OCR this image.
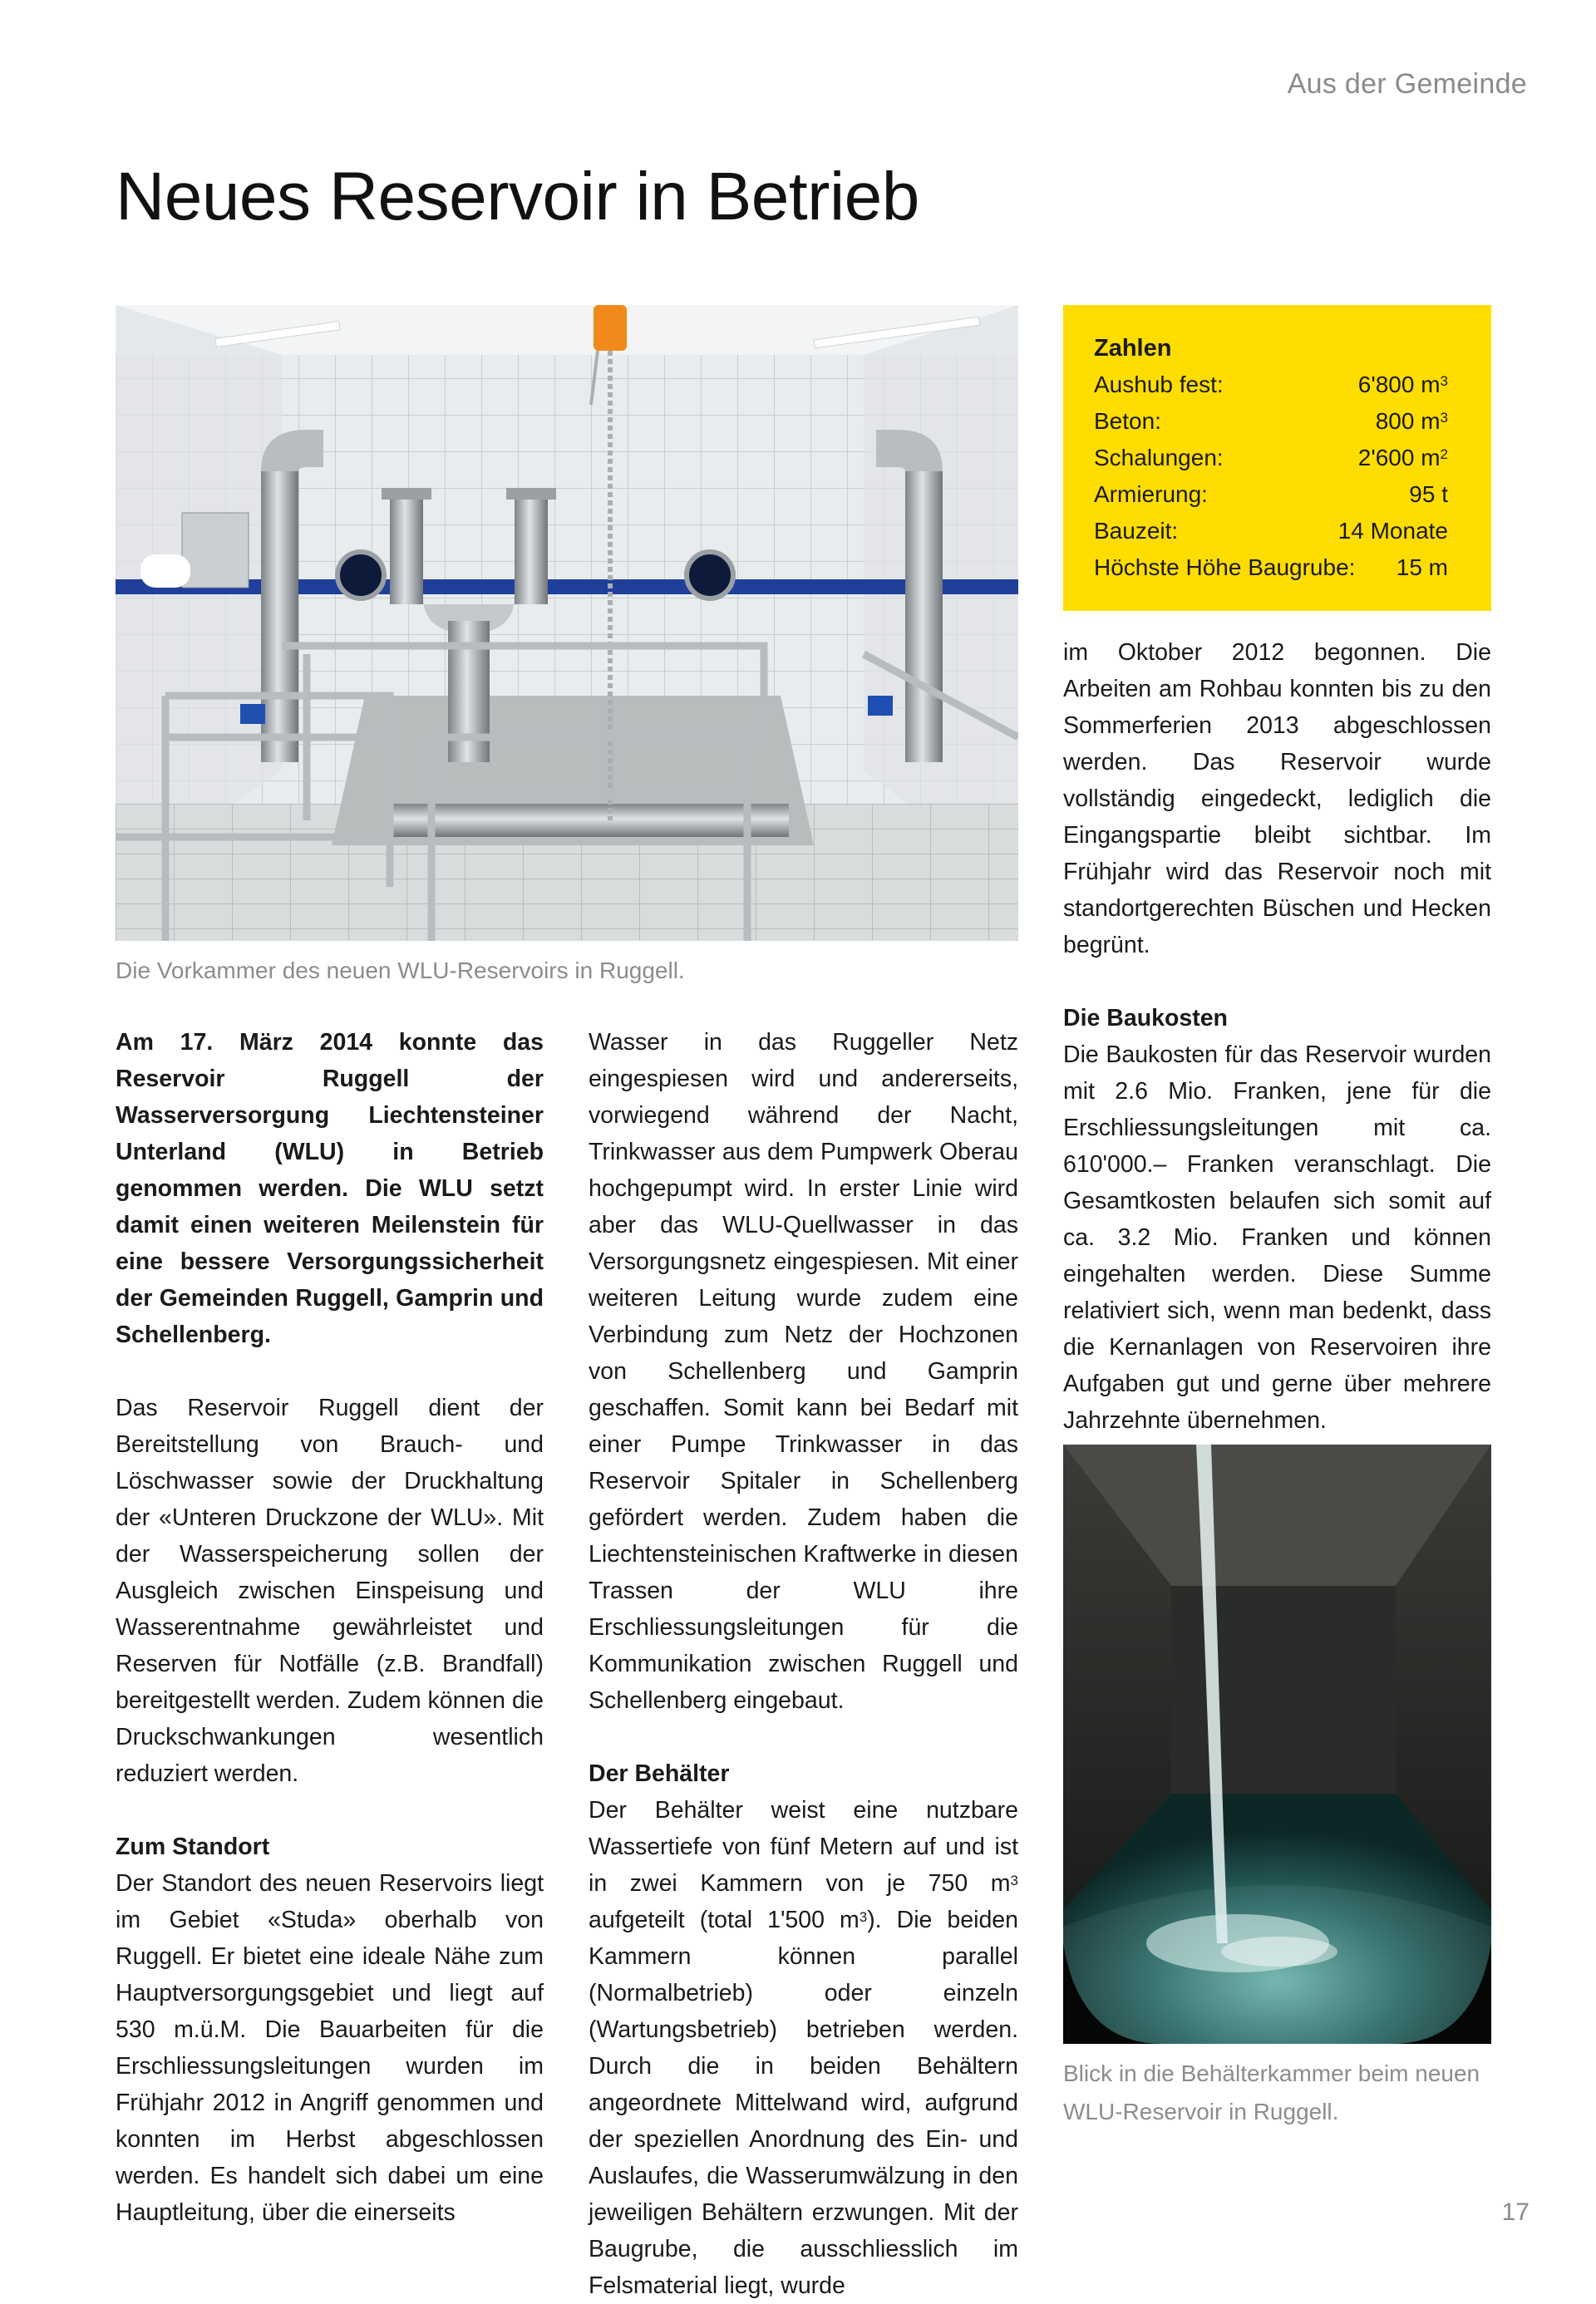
Aus der Gemeinde
Neues Reservoir in Betrieb
Die Vorkammer des neuen WLU-Reservoirs in Ruggell.
Zahlen
Aushub fest:	6'800 $m^3$
Beton:	800 $m^3$
Schalungen:	2'600 $m^2$
Armierung:	95 t
Bauzeit:	14 Monate
Höchste Höhe Baugrube: 15 m

Am 17. März 2014 konnte das Reservoir Ruggell der Wasserversorgung Liechtensteiner Unterland (WLU) in Betrieb genommen werden. Die WLU setzt damit einen weiteren Meilenstein für eine bessere Versorgungssicherheit der Gemeinden Ruggell, Gamprin und Schellenberg.

Das Reservoir Ruggell dient der Bereitstellung von Brauch- und Löschwasser sowie der Druckhaltung der «Unteren Druckzone der WLU». Mit der Wasserspeicherung sollen der Ausgleich zwischen Einspeisung und Wasserentnahme gewährleistet und Reserven für Notfälle (z.B. Brandfall) bereitgestellt werden. Zudem können die Druckschwankungen wesentlich reduziert werden.

Zum Standort

Der Standort des neuen Reservoirs liegt im Gebiet «Studa» oberhalb von Ruggell. Er bietet eine ideale Nähe zum Hauptversorgungsgebiet und liegt auf 530 m.ü.M. Die Bauarbeiten für die Erschliessungsleitungen wurden im Frühjahr 2012 in Angriff genommen und konnten im Herbst abgeschlossen werden. Es handelt sich dabei um eine Hauptleitung, über die einerseits

Wasser in das Ruggeller Netz eingespiesen wird und andererseits, vorwiegend während der Nacht, Trinkwasser aus dem Pumpwerk Oberau hochgepumpt wird. In erster Linie wird aber das WLU-Quellwasser in das Versorgungsnetz eingespiesen. Mit einer weiteren Leitung wurde zudem eine Verbindung zum Netz der Hochzonen von Schellenberg und Gamprin geschaffen. Somit kann bei Bedarf mit einer Pumpe Trinkwasser in das Reservoir Spitaler in Schellenberg gefördert werden. Zudem haben die Liechtensteinischen Kraftwerke in diesen Trassen der WLU ihre Erschliessungsleitungen für die Kommunikation zwischen Ruggell und Schellenberg eingebaut.

Der Behälter

Der Behälter weist eine nutzbare Wassertiefe von fünf Metern auf und ist in zwei Kammern von je 750 $m^3$ aufgeteilt (total 1'500 $m^3$). Die beiden Kammern können parallel (Normalbetrieb) oder einzeln (Wartungsbetrieb) betrieben werden. Durch die in beiden Behältern angeordnete Mittelwand wird, aufgrund der speziellen Anordnung des Ein- und Auslaufes, die Wasserumwälzung in den jeweiligen Behältern erzwungen. Mit der Baugrube, die ausschliesslich im Felsmaterial liegt, wurde

im Oktober 2012 begonnen. Die Arbeiten am Rohbau konnten bis zu den Sommerferien 2013 abgeschlossen werden. Das Reservoir wurde vollständig eingedeckt, lediglich die Eingangspartie bleibt sichtbar. Im Frühjahr wird das Reservoir noch mit standortgerechten Büschen und Hecken begrünt.

Die Baukosten

Die Baukosten für das Reservoir wurden mit 2.6 Mio. Franken, jene für die Erschliessungsleitungen mit ca. 610'000.– Franken veranschlagt. Die Gesamtkosten belaufen sich somit auf ca. 3.2 Mio. Franken und können eingehalten werden. Diese Summe relativiert sich, wenn man bedenkt, dass die Kernanlagen von Reservoiren ihre Aufgaben gut und gerne über mehrere Jahrzehnte übernehmen.

Blick in die Behälterkammer beim neuen WLU-Reservoir in Ruggell.
17
